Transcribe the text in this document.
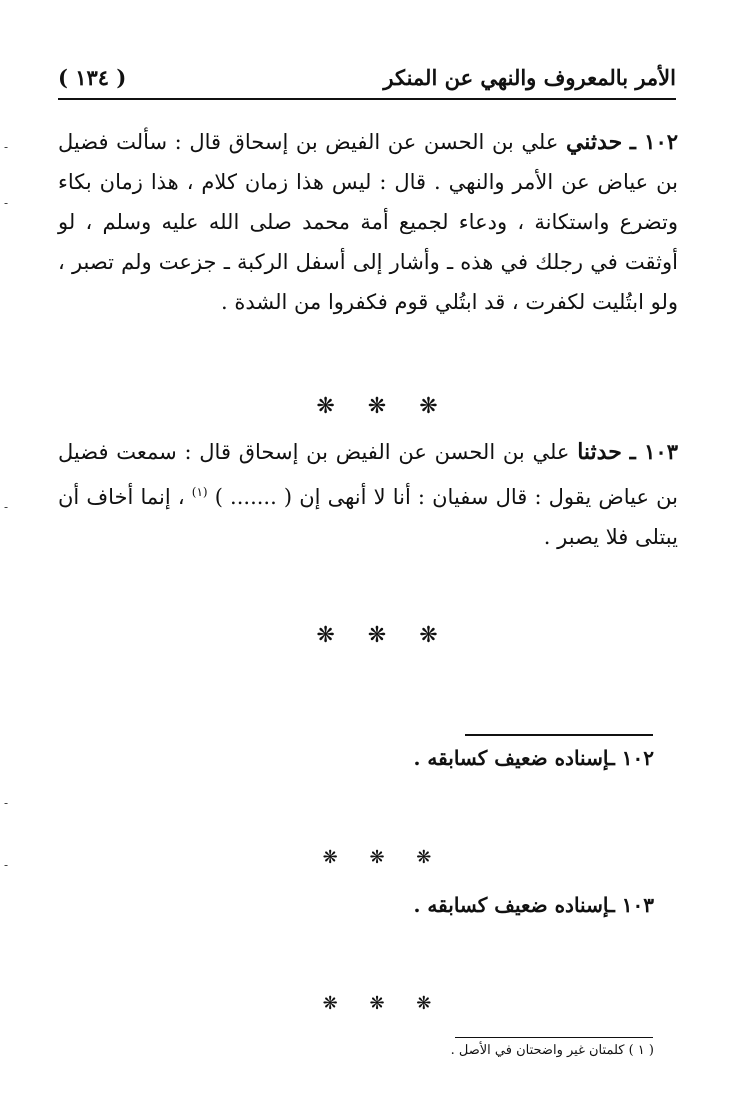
الأمر بالمعروف والنهي عن المنكر
( ١٣٤ )
١٠٢ ـ حدثني علي بن الحسن عن الفيض بن إسحاق قال : سألت فضيل بن عياض عن الأمر والنهي . قال : ليس هذا زمان كلام ، هذا زمان بكاء وتضرع واستكانة ، ودعاء لجميع أمة محمد صلى الله عليه وسلم ، لو أوثقت في رجلك في هذه ـ وأشار إلى أسفل الركبة ـ جزعت ولم تصبر ، ولو ابتُليت لكفرت ، قد ابتُلي قوم فكفروا من الشدة .
❋ ❋ ❋
١٠٣ ـ حدثنا علي بن الحسن عن الفيض بن إسحاق قال : سمعت فضيل بن عياض يقول : قال سفيان : أنا لا أنهى إن ( ....... ) $^{(١)}$ ، إنما أخاف أن يبتلى فلا يصبر .
❋ ❋ ❋
١٠٢ ـإسناده ضعيف كسابقه .
❋ ❋ ❋
١٠٣ ـإسناده ضعيف كسابقه .
❋ ❋ ❋
( ١ ) كلمتان غير واضحتان في الأصل .
-
-
-
-
-
